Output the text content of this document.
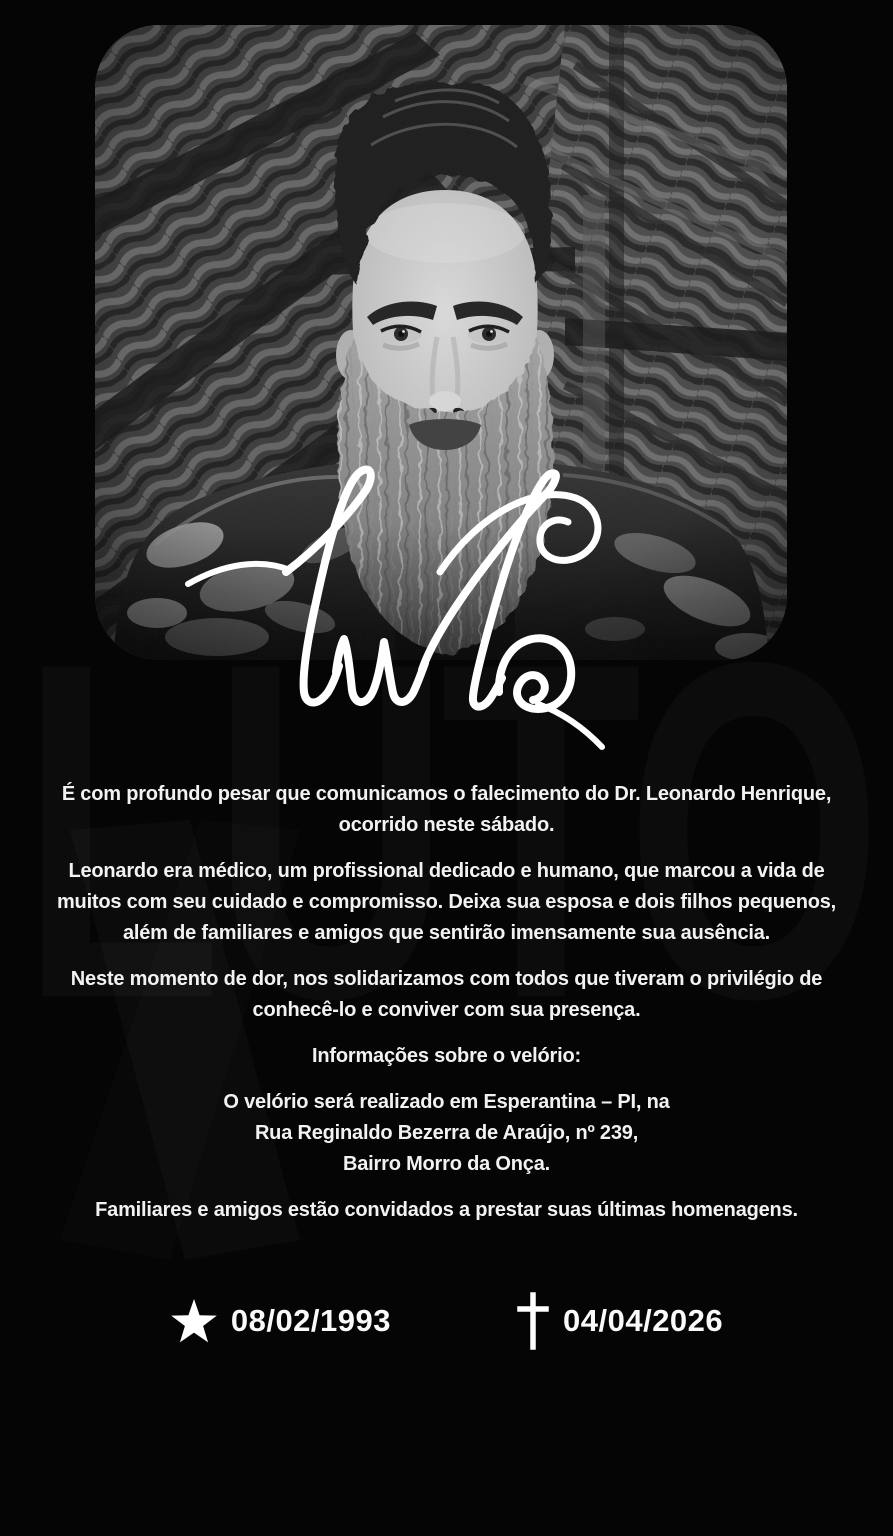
É com profundo pesar que comunicamos o falecimento do Dr. Leonardo Henrique,
ocorrido neste sábado.

Leonardo era médico, um profissional dedicado e humano, que marcou a vida de
muitos com seu cuidado e compromisso. Deixa sua esposa e dois filhos pequenos,
além de familiares e amigos que sentirão imensamente sua ausência.

Neste momento de dor, nos solidarizamos com todos que tiveram o privilégio de
conhecê-lo e conviver com sua presença.

Informações sobre o velório:

O velório será realizado em Esperantina – PI, na
Rua Reginaldo Bezerra de Araújo, nº 239,
Bairro Morro da Onça.

Familiares e amigos estão convidados a prestar suas últimas homenagens.

08/02/1993	04/04/2026
